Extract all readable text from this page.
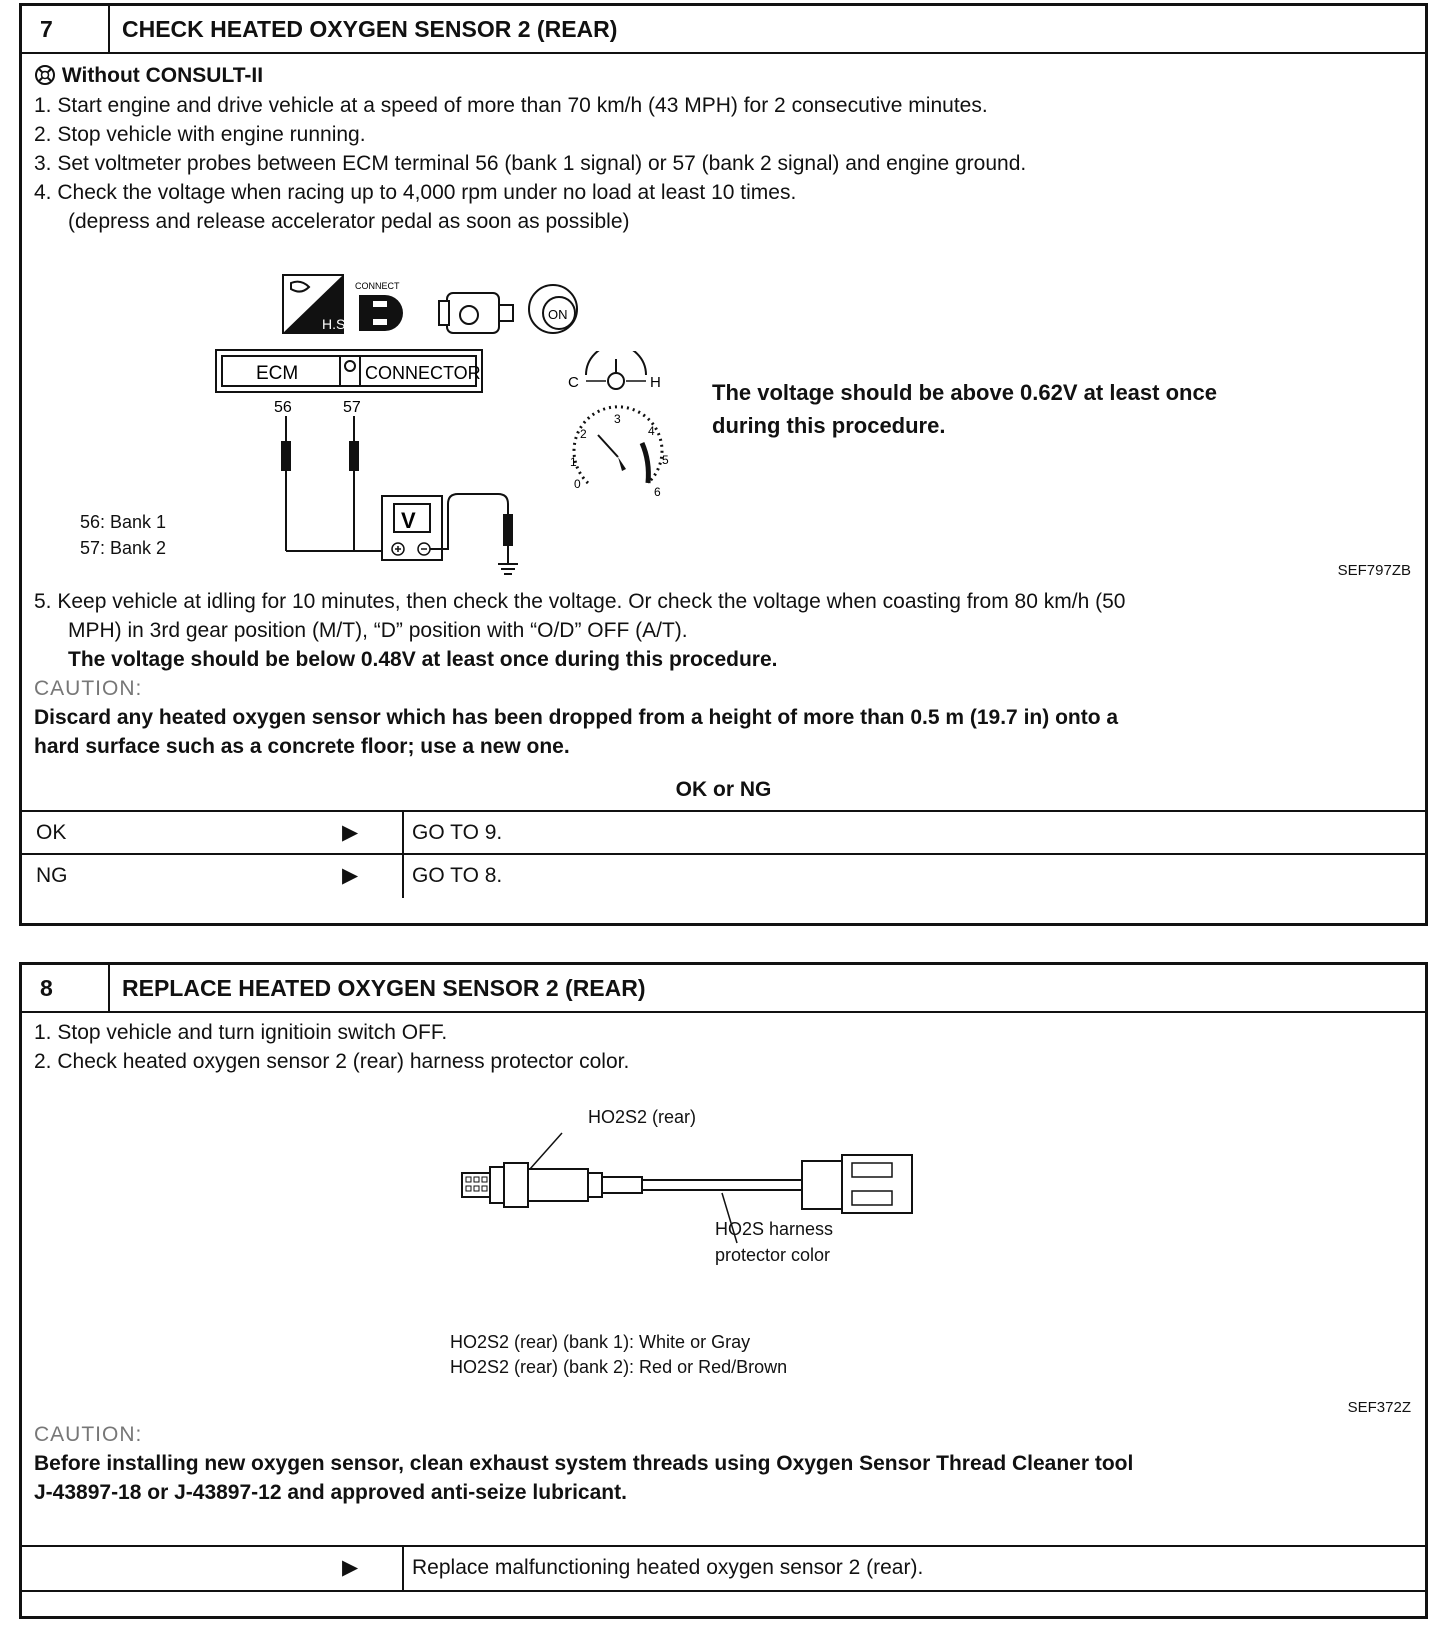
7	CHECK HEATED OXYGEN SENSOR 2 (REAR)
Without CONSULT-II
1. Start engine and drive vehicle at a speed of more than 70 km/h (43 MPH) for 2 consecutive minutes.
2. Stop vehicle with engine running.
3. Set voltmeter probes between ECM terminal 56 (bank 1 signal) or 57 (bank 2 signal) and engine ground.
4. Check the voltage when racing up to 4,000 rpm under no load at least 10 times.
(depress and release accelerator pedal as soon as possible)
H.S.
CONNECT
ON
ECM	CONNECTOR
56	57
V
C	H
0
1
2
3
4
5
6
The voltage should be above 0.62V at least once
during this procedure.
56: Bank 1
57: Bank 2
SEF797ZB
5. Keep vehicle at idling for 10 minutes, then check the voltage. Or check the voltage when coasting from 80 km/h (50
MPH) in 3rd gear position (M/T), “D” position with “O/D” OFF (A/T).
The voltage should be below 0.48V at least once during this procedure.
CAUTION:
Discard any heated oxygen sensor which has been dropped from a height of more than 0.5 m (19.7 in) onto a
hard surface such as a concrete floor; use a new one.
OK or NG
OK	▶	GO TO 9.
NG	▶	GO TO 8.
8	REPLACE HEATED OXYGEN SENSOR 2 (REAR)
1. Stop vehicle and turn ignitioin switch OFF.
2. Check heated oxygen sensor 2 (rear) harness protector color.
HO2S2 (rear)
HO2S harness
protector color
HO2S2 (rear) (bank 1): White or Gray
HO2S2 (rear) (bank 2): Red or Red/Brown
SEF372Z
CAUTION:
Before installing new oxygen sensor, clean exhaust system threads using Oxygen Sensor Thread Cleaner tool
J-43897-18 or J-43897-12 and approved anti-seize lubricant.
▶	Replace malfunctioning heated oxygen sensor 2 (rear).
